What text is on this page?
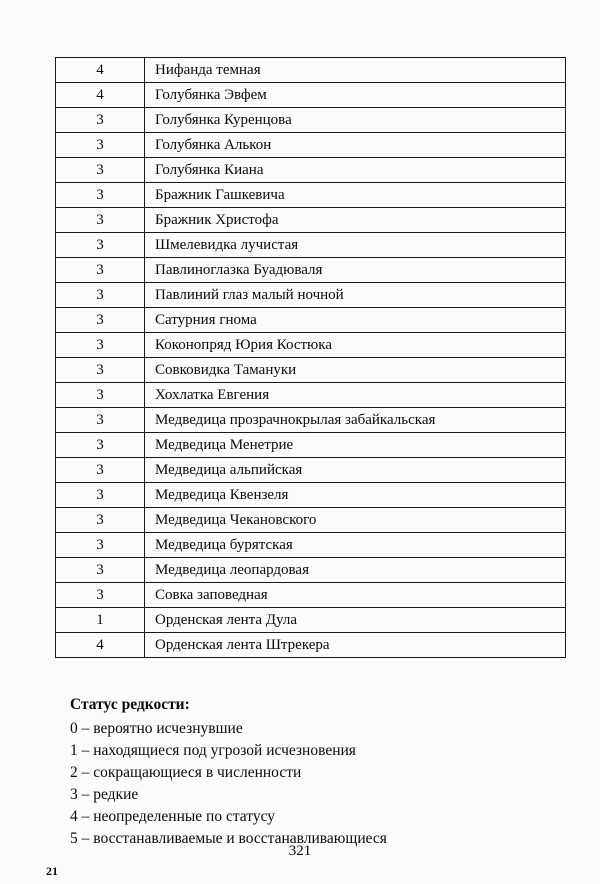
4	Нифанда темная
4	Голубянка Эвфем
3	Голубянка Куренцова
3	Голубянка Алькон
3	Голубянка Киана
3	Бражник Гашкевича
3	Бражник Христофа
3	Шмелевидка лучистая
3	Павлиноглазка Буадюваля
3	Павлиний глаз малый ночной
3	Сатурния гнома
3	Коконопряд Юрия Костюка
3	Совковидка Тамануки
3	Хохлатка Евгения
3	Медведица прозрачнокрылая забайкальская
3	Медведица Менетрие
3	Медведица альпийская
3	Медведица Квензеля
3	Медведица Чекановского
3	Медведица бурятская
3	Медведица леопардовая
3	Совка заповедная
1	Орденская лента Дула
4	Орденская лента Штрекера
Статус редкости:
0 – вероятно исчезнувшие
1 – находящиеся под угрозой исчезновения
2 – сокращающиеся в численности
3 – редкие
4 – неопределенные по статусу
5 – восстанавливаемые и восстанавливающиеся
321
21
